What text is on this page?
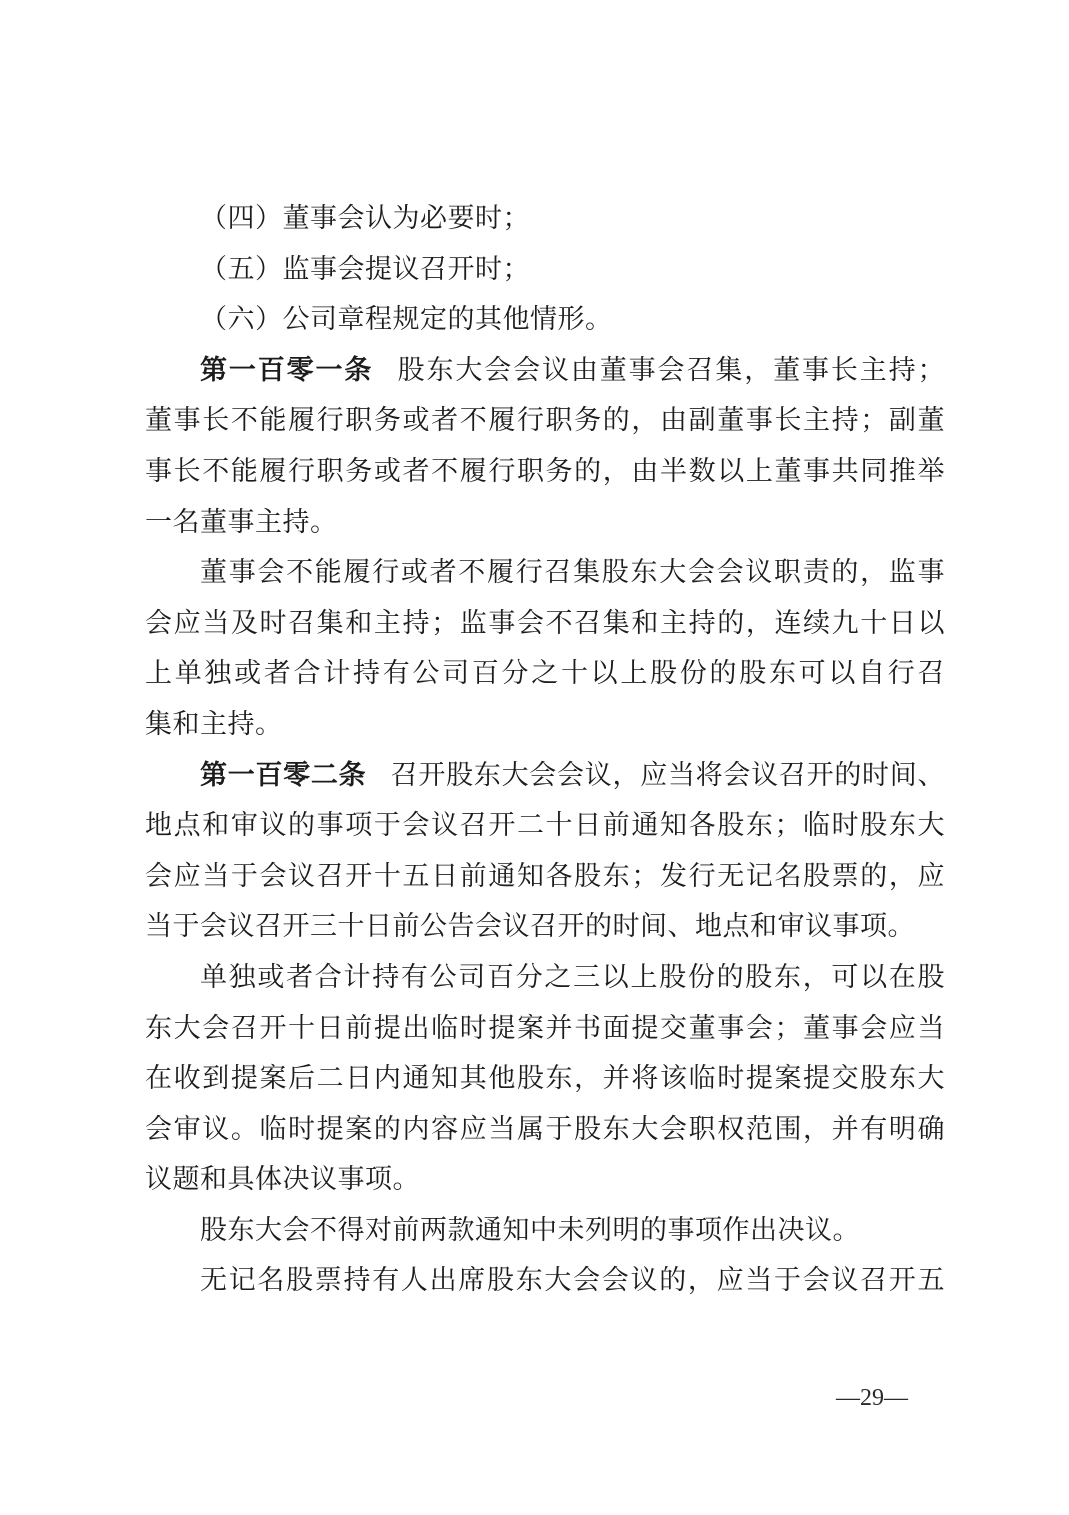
（四）董事会认为必要时；
（五）监事会提议召开时；
（六）公司章程规定的其他情形。
第一百零一条 股东大会会议由董事会召集，董事长主持；
董事长不能履行职务或者不履行职务的，由副董事长主持；副董
事长不能履行职务或者不履行职务的，由半数以上董事共同推举
一名董事主持。
董事会不能履行或者不履行召集股东大会会议职责的，监事
会应当及时召集和主持；监事会不召集和主持的，连续九十日以
上单独或者合计持有公司百分之十以上股份的股东可以自行召
集和主持。
第一百零二条 召开股东大会会议，应当将会议召开的时间、
地点和审议的事项于会议召开二十日前通知各股东；临时股东大
会应当于会议召开十五日前通知各股东；发行无记名股票的，应
当于会议召开三十日前公告会议召开的时间、地点和审议事项。
单独或者合计持有公司百分之三以上股份的股东，可以在股
东大会召开十日前提出临时提案并书面提交董事会；董事会应当
在收到提案后二日内通知其他股东，并将该临时提案提交股东大
会审议。临时提案的内容应当属于股东大会职权范围，并有明确
议题和具体决议事项。
股东大会不得对前两款通知中未列明的事项作出决议。
无记名股票持有人出席股东大会会议的，应当于会议召开五
—29—
